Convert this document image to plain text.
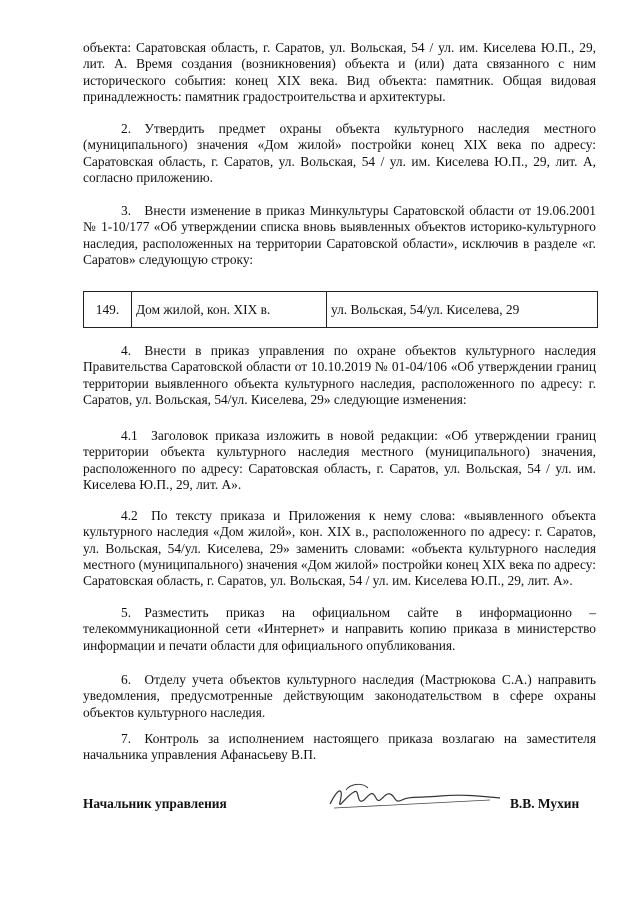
объекта: Саратовская область, г. Саратов, ул. Вольская, 54 / ул. им. Киселева Ю.П., 29, лит. А. Время создания (возникновения) объекта и (или) дата связанного с ним исторического события: конец XIX века. Вид объекта: памятник. Общая видовая принадлежность: памятник градостроительства и архитектуры.

2. Утвердить предмет охраны объекта культурного наследия местного (муниципального) значения «Дом жилой» постройки конец XIX века по адресу: Саратовская область, г. Саратов, ул. Вольская, 54 / ул. им. Киселева Ю.П., 29, лит. А, согласно приложению.

3. Внести изменение в приказ Минкультуры Саратовской области от 19.06.2001 № 1-10/177 «Об утверждении списка вновь выявленных объектов историко-культурного наследия, расположенных на территории Саратовской области», исключив в разделе «г. Саратов» следующую строку:

149.	Дом жилой, кон. XIX в.	ул. Вольская, 54/ул. Киселева, 29

4. Внести в приказ управления по охране объектов культурного наследия Правительства Саратовской области от 10.10.2019 № 01-04/106 «Об утверждении границ территории выявленного объекта культурного наследия, расположенного по адресу: г. Саратов, ул. Вольская, 54/ул. Киселева, 29» следующие изменения:

4.1 Заголовок приказа изложить в новой редакции: «Об утверждении границ территории объекта культурного наследия местного (муниципального) значения, расположенного по адресу: Саратовская область, г. Саратов, ул. Вольская, 54 / ул. им. Киселева Ю.П., 29, лит. А».

4.2 По тексту приказа и Приложения к нему слова: «выявленного объекта культурного наследия «Дом жилой», кон. XIX в., расположенного по адресу: г. Саратов, ул. Вольская, 54/ул. Киселева, 29» заменить словами: «объекта культурного наследия местного (муниципального) значения «Дом жилой» постройки конец XIX века по адресу: Саратовская область, г. Саратов, ул. Вольская, 54 / ул. им. Киселева Ю.П., 29, лит. А».

5. Разместить приказ на официальном сайте в информационно – телекоммуникационной сети «Интернет» и направить копию приказа в министерство информации и печати области для официального опубликования.

6. Отделу учета объектов культурного наследия (Мастрюкова С.А.) направить уведомления, предусмотренные действующим законодательством в сфере охраны объектов культурного наследия.

7. Контроль за исполнением настоящего приказа возлагаю на заместителя начальника управления Афанасьеву В.П.

Начальник управления	В.В. Мухин
